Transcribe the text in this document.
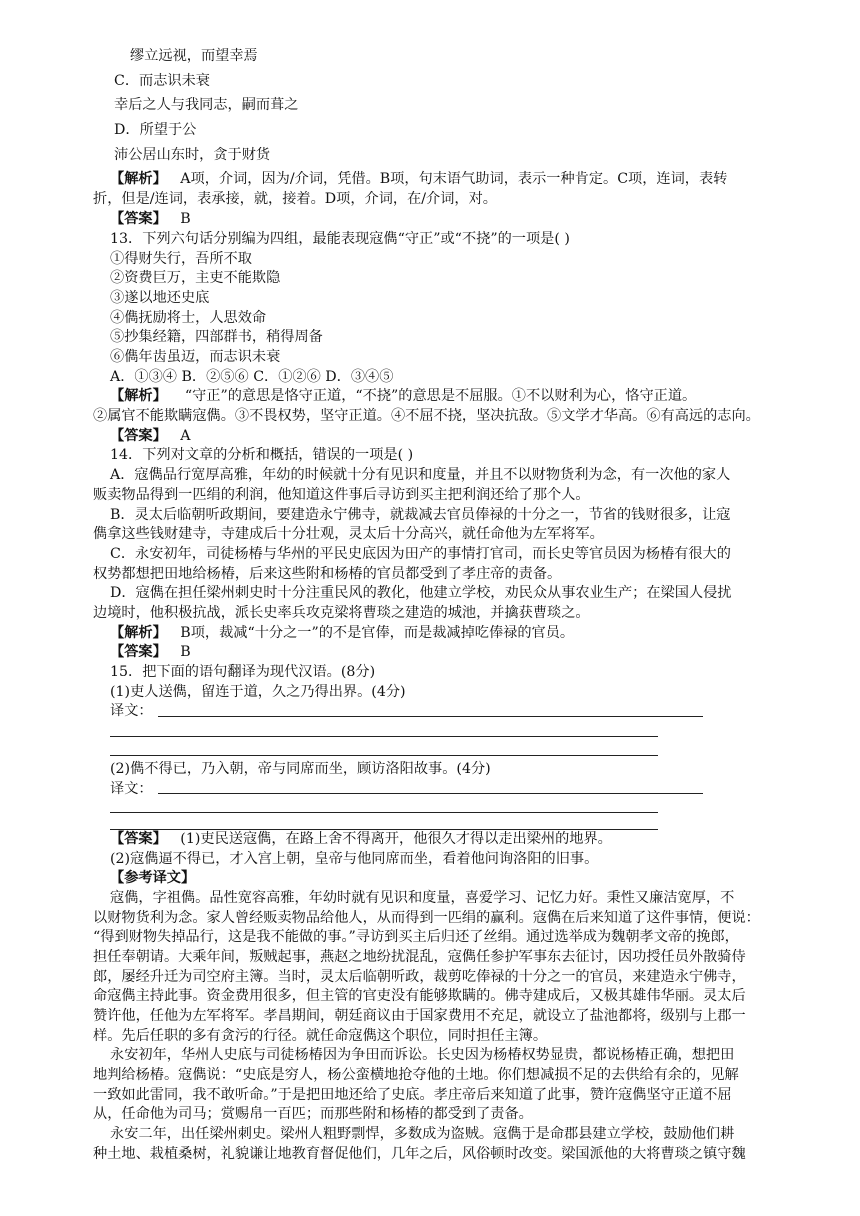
缪立远视，而望幸焉
C．而志识未衰
幸后之人与我同志，嗣而葺之
D．所望于公
沛公居山东时，贪于财货
【解析】 A项，介词，因为/介词，凭借。B项，句末语气助词，表示一种肯定。C项，连词，表转
折，但是/连词，表承接，就，接着。D项，介词，在/介词，对。
【答案】 B
13．下列六句话分别编为四组，最能表现寇儁“守正”或“不挠”的一项是( )
①得财失行，吾所不取
②资费巨万，主吏不能欺隐
③遂以地还史底
④儁抚励将士，人思效命
⑤抄集经籍，四部群书，稍得周备
⑥儁年齿虽迈，而志识未衰
A．①③④ B．②⑤⑥ C．①②⑥ D．③④⑤
【解析】 “守正”的意思是恪守正道，“不挠”的意思是不屈服。①不以财利为心，恪守正道。
②属官不能欺瞒寇儁。③不畏权势，坚守正道。④不屈不挠，坚决抗敌。⑤文学才华高。⑥有高远的志向。
【答案】 A
14．下列对文章的分析和概括，错误的一项是( )
A．寇儁品行宽厚高雅，年幼的时候就十分有见识和度量，并且不以财物货利为念，有一次他的家人
贩卖物品得到一匹绢的利润，他知道这件事后寻访到买主把利润还给了那个人。
B．灵太后临朝听政期间，要建造永宁佛寺，就裁减去官员俸禄的十分之一，节省的钱财很多，让寇
儁拿这些钱财建寺，寺建成后十分壮观，灵太后十分高兴，就任命他为左军将军。
C．永安初年，司徒杨椿与华州的平民史底因为田产的事情打官司，而长史等官员因为杨椿有很大的
权势都想把田地给杨椿，后来这些附和杨椿的官员都受到了孝庄帝的责备。
D．寇儁在担任梁州刺史时十分注重民风的教化，他建立学校，劝民众从事农业生产；在梁国人侵扰
边境时，他积极抗战，派长史率兵攻克梁将曹琰之建造的城池，并擒获曹琰之。
【解析】 B项，裁减“十分之一”的不是官俸，而是裁减掉吃俸禄的官员。
【答案】 B
15．把下面的语句翻译为现代汉语。(8分)
(1)吏人送儁，留连于道，久之乃得出界。(4分)
译文：
(2)儁不得已，乃入朝，帝与同席而坐，顾访洛阳故事。(4分)
译文：
【答案】 (1)吏民送寇儁，在路上舍不得离开，他很久才得以走出梁州的地界。
(2)寇儁逼不得已，才入宫上朝，皇帝与他同席而坐，看着他问询洛阳的旧事。
【参考译文】
寇儁，字祖儁。品性宽容高雅，年幼时就有见识和度量，喜爱学习、记忆力好。秉性又廉洁宽厚，不
以财物货利为念。家人曾经贩卖物品给他人，从而得到一匹绢的赢利。寇儁在后来知道了这件事情，便说：
“得到财物失掉品行，这是我不能做的事。”寻访到买主后归还了丝绢。通过选举成为魏朝孝文帝的挽郎，
担任奉朝请。大乘年间，叛贼起事，燕赵之地纷扰混乱，寇儁任参护军事东去征讨，因功授任员外散骑侍
郎，屡经升迁为司空府主簿。当时，灵太后临朝听政，裁剪吃俸禄的十分之一的官员，来建造永宁佛寺，
命寇儁主持此事。资金费用很多，但主管的官吏没有能够欺瞒的。佛寺建成后，又极其雄伟华丽。灵太后
赞许他，任他为左军将军。孝昌期间，朝廷商议由于国家费用不充足，就设立了盐池都将，级别与上郡一
样。先后任职的多有贪污的行径。就任命寇儁这个职位，同时担任主簿。
永安初年，华州人史底与司徒杨椿因为争田而诉讼。长史因为杨椿权势显贵，都说杨椿正确，想把田
地判给杨椿。寇儁说：“史底是穷人，杨公蛮横地抢夺他的土地。你们想减损不足的去供给有余的，见解
一致如此雷同，我不敢听命。”于是把田地还给了史底。孝庄帝后来知道了此事，赞许寇儁坚守正道不屈
从，任命他为司马；赏赐帛一百匹；而那些附和杨椿的都受到了责备。
永安二年，出任梁州刺史。梁州人粗野剽悍，多数成为盗贼。寇儁于是命郡县建立学校，鼓励他们耕
种土地、栽植桑树，礼貌谦让地教育督促他们，几年之后，风俗顿时改变。梁国派他的大将曹琰之镇守魏
